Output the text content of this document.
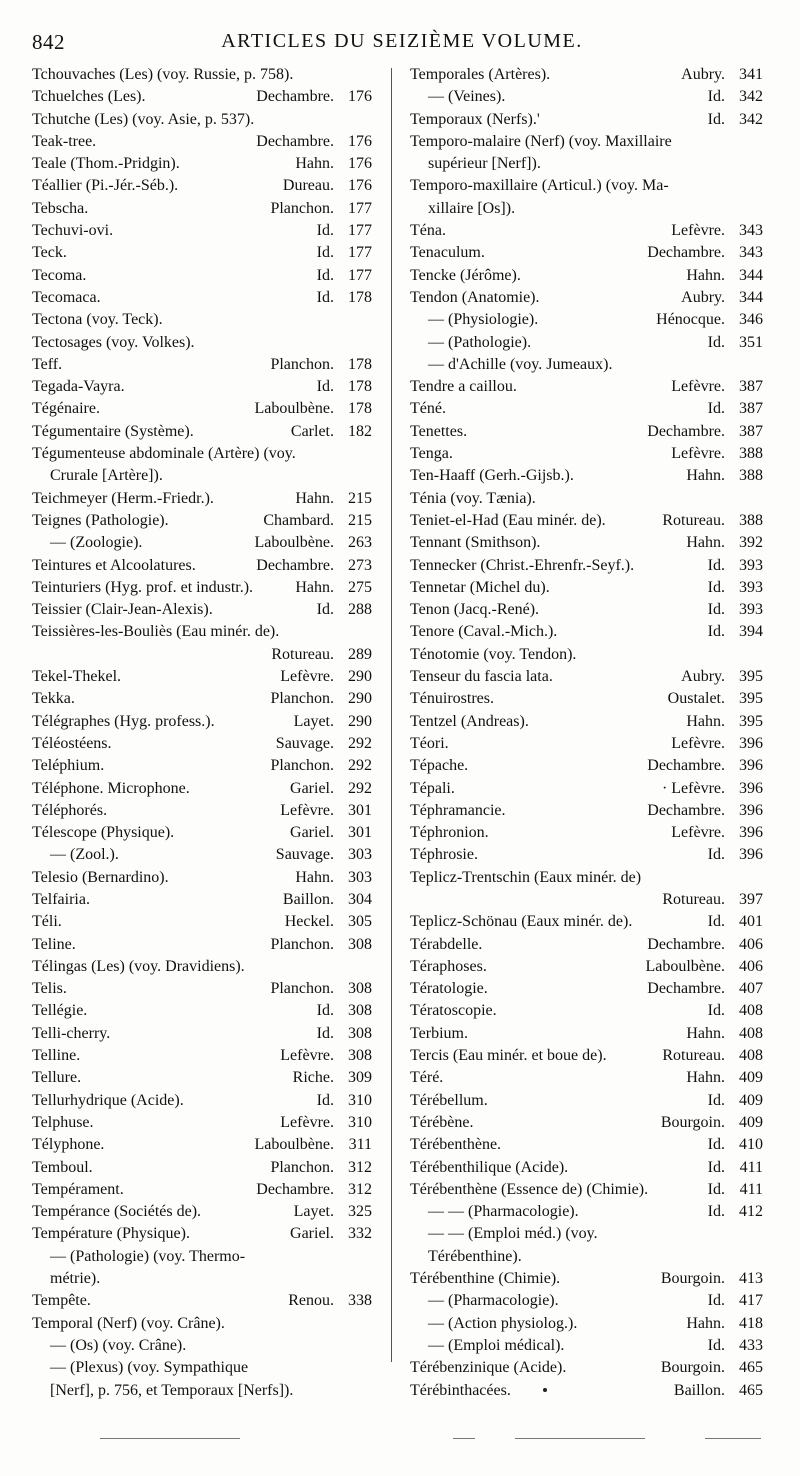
842	ARTICLES DU SEIZIÈME VOLUME.
Tchouvaches (Les) (voy. Russie, p. 758).
Tchuelches (Les).	Dechambre. 176
Tchutche (Les) (voy. Asie, p. 537).
Teak-tree.	Dechambre. 176
Teale (Thom.-Pridgin).	Hahn. 176
Téallier (Pi.-Jér.-Séb.).	Dureau. 176
Tebscha.	Planchon. 177
Techuvi-ovi.	Id. 177
Teck.	Id. 177
Tecoma.	Id. 177
Tecomaca.	Id. 178
Tectona (voy. Teck).
Tectosages (voy. Volkes).
Teff.	Planchon. 178
Tegada-Vayra.	Id. 178
Tégénaire.	Laboulbène. 178
Tégumentaire (Système).	Carlet. 182
Tégumenteuse abdominale (Artère) (voy.
Crurale [Artère]).
Teichmeyer (Herm.-Friedr.).	Hahn. 215
Teignes (Pathologie).	Chambard. 215
— (Zoologie).	Laboulbène. 263
Teintures et Alcoolatures.	Dechambre. 273
Teinturiers (Hyg. prof. et industr.).	Hahn. 275
Teissier (Clair-Jean-Alexis).	Id. 288
Teissières-les-Bouliès (Eau minér. de).
Rotureau. 289
Tekel-Thekel.	Lefèvre. 290
Tekka.	Planchon. 290
Télégraphes (Hyg. profess.).	Layet. 290
Téléostéens.	Sauvage. 292
Teléphium.	Planchon. 292
Téléphone. Microphone.	Gariel. 292
Téléphorés.	Lefèvre. 301
Télescope (Physique).	Gariel. 301
— (Zool.).	Sauvage. 303
Telesio (Bernardino).	Hahn. 303
Telfairia.	Baillon. 304
Téli.	Heckel. 305
Teline.	Planchon. 308
Télingas (Les) (voy. Dravidiens).
Telis.	Planchon. 308
Tellégie.	Id. 308
Telli-cherry.	Id. 308
Telline.	Lefèvre. 308
Tellure.	Riche. 309
Tellurhydrique (Acide).	Id. 310
Telphuse.	Lefèvre. 310
Télyphone.	Laboulbène. 311
Temboul.	Planchon. 312
Tempérament.	Dechambre. 312
Tempérance (Sociétés de).	Layet. 325
Température (Physique).	Gariel. 332
— (Pathologie) (voy. Thermo-
métrie).
Tempête.	Renou. 338
Temporal (Nerf) (voy. Crâne).
— (Os) (voy. Crâne).
— (Plexus) (voy. Sympathique
[Nerf], p. 756, et Temporaux [Nerfs]).
Temporales (Artères).	Aubry. 341
— (Veines).	Id. 342
Temporaux (Nerfs).'	Id. 342
Temporo-malaire (Nerf) (voy. Maxillaire
supérieur [Nerf]).
Temporo-maxillaire (Articul.) (voy. Ma-
xillaire [Os]).
Téna.	Lefèvre. 343
Tenaculum.	Dechambre. 343
Tencke (Jérôme).	Hahn. 344
Tendon (Anatomie).	Aubry. 344
— (Physiologie).	Hénocque. 346
— (Pathologie).	Id. 351
— d'Achille (voy. Jumeaux).
Tendre a caillou.	Lefèvre. 387
Téné.	Id. 387
Tenettes.	Dechambre. 387
Tenga.	Lefèvre. 388
Ten-Haaff (Gerh.-Gijsb.).	Hahn. 388
Ténia (voy. Tænia).
Teniet-el-Had (Eau minér. de).	Rotureau. 388
Tennant (Smithson).	Hahn. 392
Tennecker (Christ.-Ehrenfr.-Seyf.).	Id. 393
Tennetar (Michel du).	Id. 393
Tenon (Jacq.-René).	Id. 393
Tenore (Caval.-Mich.).	Id. 394
Ténotomie (voy. Tendon).
Tenseur du fascia lata.	Aubry. 395
Ténuirostres.	Oustalet. 395
Tentzel (Andreas).	Hahn. 395
Téori.	Lefèvre. 396
Tépache.	Dechambre. 396
Tépali.	· Lefèvre. 396
Téphramancie.	Dechambre. 396
Téphronion.	Lefèvre. 396
Téphrosie.	Id. 396
Teplicz-Trentschin (Eaux minér. de)
Rotureau. 397
Teplicz-Schönau (Eaux minér. de).	Id. 401
Térabdelle.	Dechambre. 406
Téraphoses.	Laboulbène. 406
Tératologie.	Dechambre. 407
Tératoscopie.	Id. 408
Terbium.	Hahn. 408
Tercis (Eau minér. et boue de).	Rotureau. 408
Téré.	Hahn. 409
Térébellum.	Id. 409
Térébène.	Bourgoin. 409
Térébenthène.	Id. 410
Térébenthilique (Acide).	Id. 411
Térébenthène (Essence de) (Chimie).	Id. 411
— — (Pharmacologie).	Id. 412
— — (Emploi méd.) (voy.
Térébenthine).
Térébenthine (Chimie).	Bourgoin. 413
— (Pharmacologie).	Id. 417
— (Action physiolog.).	Hahn. 418
— (Emploi médical).	Id. 433
Térébenzinique (Acide).	Bourgoin. 465
Térébinthacées.	Baillon. 465
